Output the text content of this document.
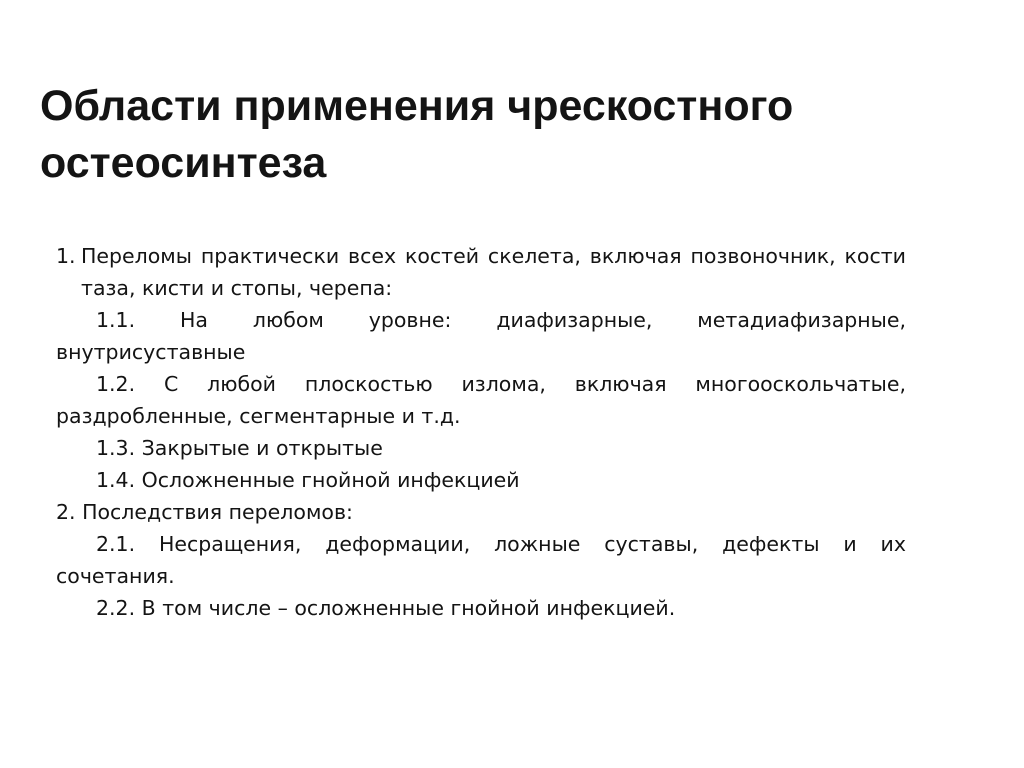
Области применения чрескостного остеосинтеза

1. Переломы практически всех костей скелета, включая позвоночник, кости таза, кисти и стопы, черепа:

1.1. На любом уровне: диафизарные, метадиафизарные, внутрисуставные

1.2. С любой плоскостью излома, включая многооскольчатые, раздробленные, сегментарные и т.д.

1.3. Закрытые и открытые

1.4. Осложненные гнойной инфекцией

2. Последствия переломов:

2.1. Несращения, деформации, ложные суставы, дефекты и их сочетания.

2.2. В том числе – осложненные гнойной инфекцией.
